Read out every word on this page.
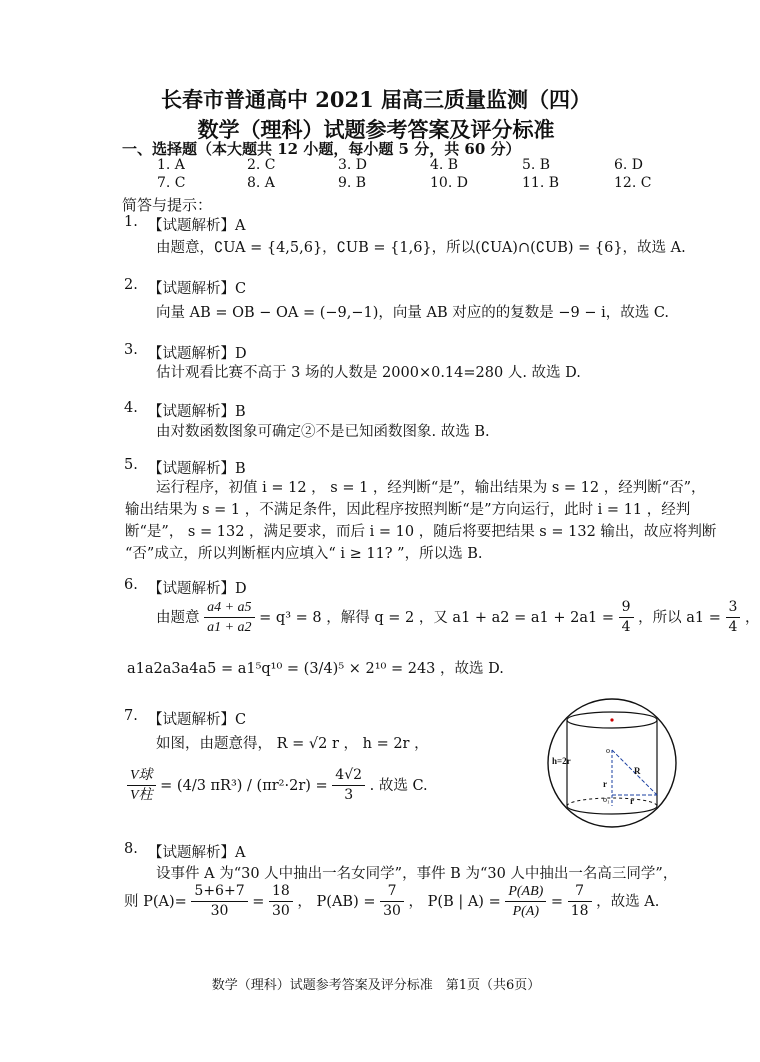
长春市普通高中 2021 届高三质量监测（四）
数学（理科）试题参考答案及评分标准
一、选择题（本大题共 12 小题，每小题 5 分，共 60 分）
1. A	2. C	3. D	4. B	5. B	6. D
7. C	8. A	9. B	10. D	11. B	12. C
简答与提示：
1. 【试题解析】A
由题意，∁UA = {4,5,6}，∁UB = {1,6}，所以(∁UA)∩(∁UB) = {6}，故选 A.
2. 【试题解析】C
向量 AB = OB − OA = (−9,−1)，向量 AB 对应的的复数是 −9 − i，故选 C.
3. 【试题解析】D
估计观看比赛不高于 3 场的人数是 2000×0.14=280 人. 故选 D.
4. 【试题解析】B
由对数函数图象可确定②不是已知函数图象. 故选 B.
5. 【试题解析】B
运行程序，初值 i = 12 ， s = 1 ，经判断“是”，输出结果为 s = 12 ，经判断“否”，
输出结果为 s = 1 ，不满足条件，因此程序按照判断“是”方向运行，此时 i = 11 ，经判
断“是”， s = 132 ，满足要求，而后 i = 10 ，随后将要把结果 s = 132 输出，故应将判断
“否”成立，所以判断框内应填入“ i ≥ 11? ”，所以选 B.
6. 【试题解析】D
由题意 $\frac{a4 + a5}{a1 + a2} = q^3 = 8$ ，解得 q = 2 ，又 $a1 + a2 = a1 + 2a1 = \frac{9}{4}$ ，所以 $a1 = \frac{3}{4}$ ，
a1a2a3a4a5 = a1⁵q¹⁰ = (3/4)⁵ × 2¹⁰ = 243 ，故选 D.
7. 【试题解析】C
如图，由题意得， R = √2 r ， h = 2r ，
$\frac{\text{V球}}{\text{V柱}} = (4/3$ $\pi R^3) / (\pi r^2\cdot 2r) = \frac{4√2}{3}$ . 故选 C.
h=2r
R
r
r
o
o₁
8. 【试题解析】A
设事件 A 为“30 人中抽出一名女同学”，事件 B 为“30 人中抽出一名高三同学”，
则 $P(A)= \frac{5+6+7}{30} = \frac{18}{30}$ ， $P(AB) = \frac{7}{30}$ ， P(B | $A) = \frac{P(AB)}{P(A)} = \frac{7}{18}$ ，故选 A.
数学（理科）试题参考答案及评分标准　第1页（共6页）
